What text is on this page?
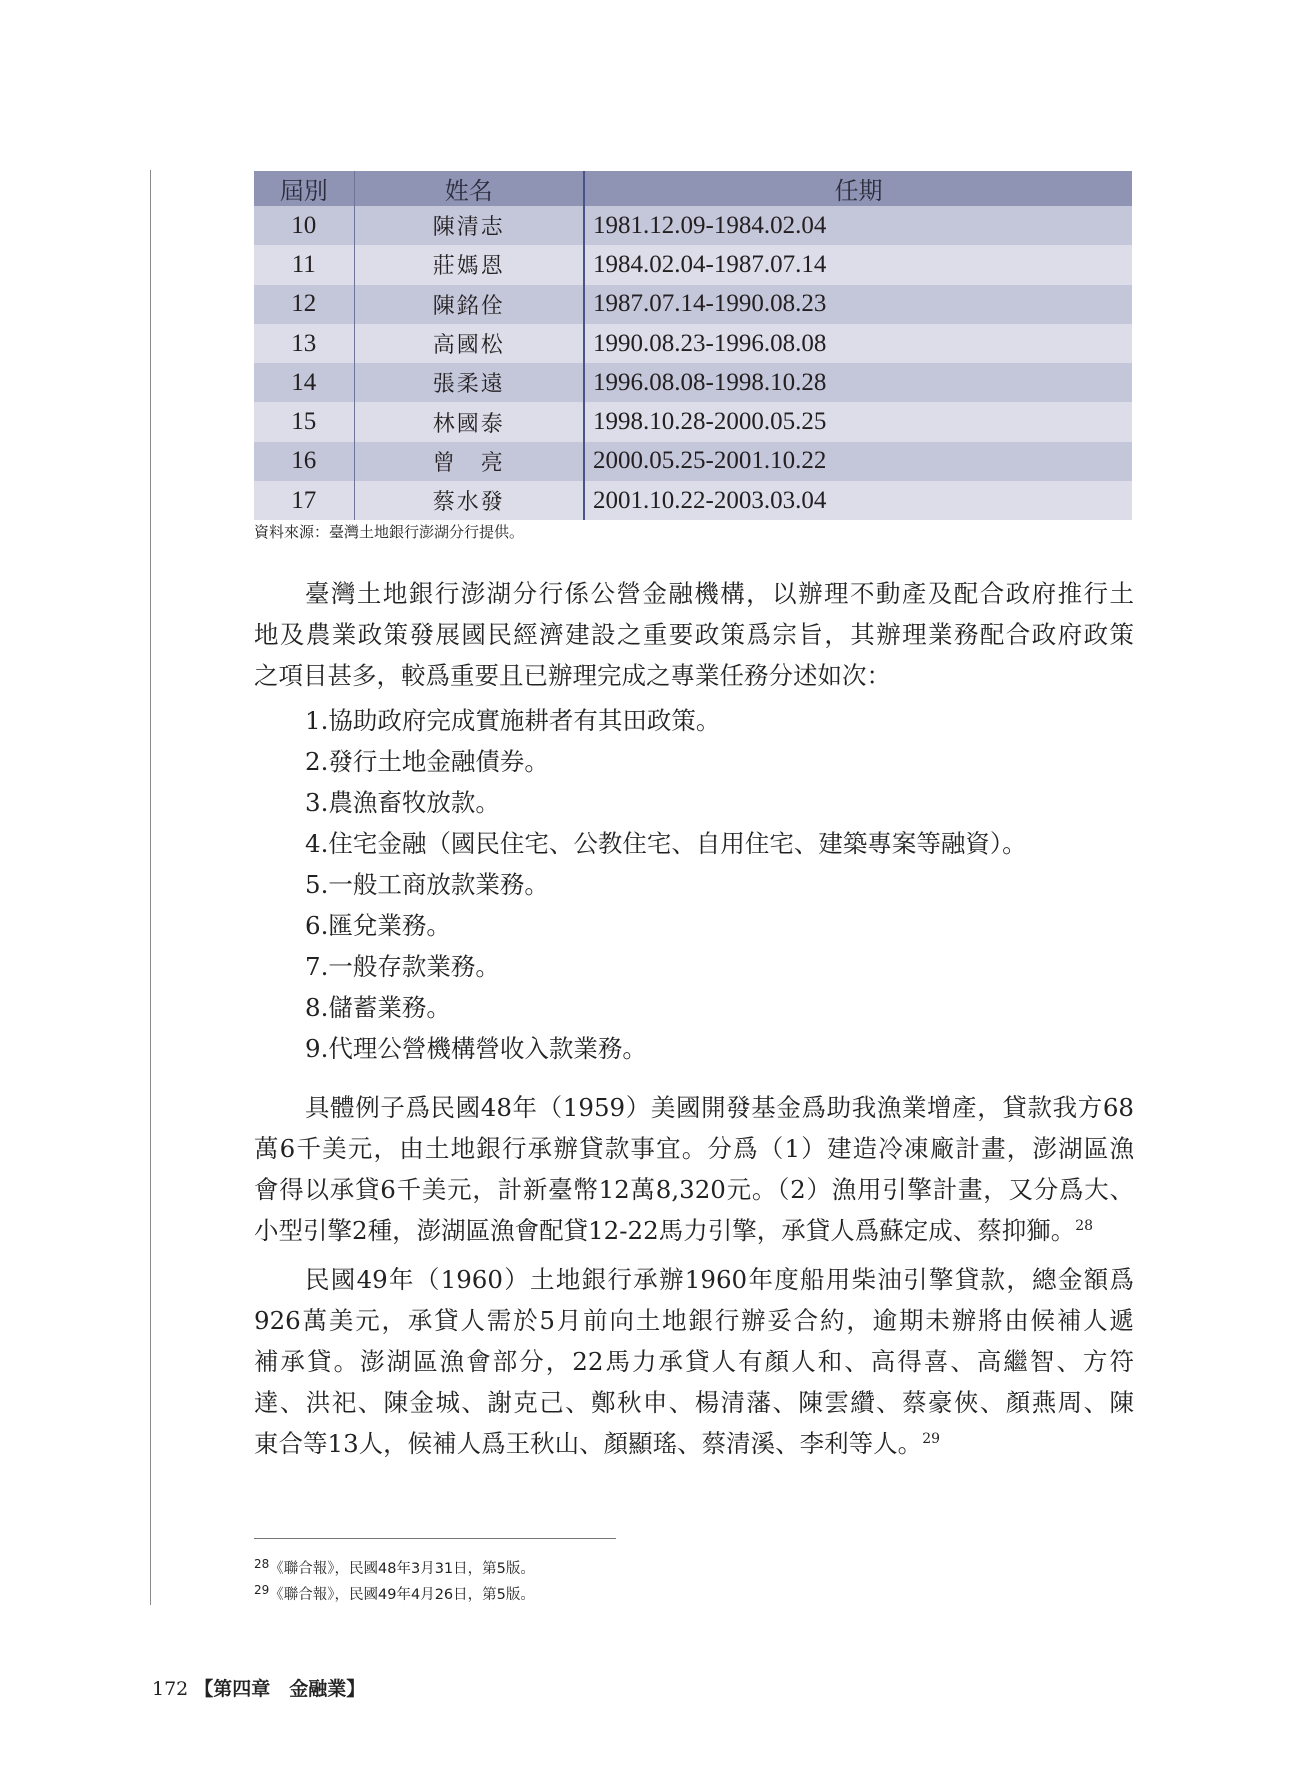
屆別	姓名	任期
10	陳清志	1981.12.09-1984.02.04
11	莊媽恩	1984.02.04-1987.07.14
12	陳銘佺	1987.07.14-1990.08.23
13	高國松	1990.08.23-1996.08.08
14	張柔遠	1996.08.08-1998.10.28
15	林國泰	1998.10.28-2000.05.25
16	曾　亮	2000.05.25-2001.10.22
17	蔡水發	2001.10.22-2003.03.04
資料來源：臺灣土地銀行澎湖分行提供。
臺灣土地銀行澎湖分行係公營金融機構，以辦理不動產及配合政府推行土
地及農業政策發展國民經濟建設之重要政策爲宗旨，其辦理業務配合政府政策
之項目甚多，較爲重要且已辦理完成之專業任務分述如次：
1.協助政府完成實施耕者有其田政策。
2.發行土地金融債券。
3.農漁畜牧放款。
4.住宅金融（國民住宅、公教住宅、自用住宅、建築專案等融資）。
5.一般工商放款業務。
6.匯兌業務。
7.一般存款業務。
8.儲蓄業務。
9.代理公營機構營收入款業務。
具體例子爲民國48年（1959）美國開發基金爲助我漁業增產，貸款我方68
萬6千美元，由土地銀行承辦貸款事宜。分爲（1）建造冷凍廠計畫，澎湖區漁
會得以承貸6千美元，計新臺幣12萬8,320元。（2）漁用引擎計畫，又分爲大、
小型引擎2種，澎湖區漁會配貸12-22馬力引擎，承貸人爲蘇定成、蔡抑獅。$^{28}$
民國49年（1960）土地銀行承辦1960年度船用柴油引擎貸款，總金額爲
926萬美元，承貸人需於5月前向土地銀行辦妥合約，逾期未辦將由候補人遞
補承貸。澎湖區漁會部分，22馬力承貸人有顏人和、高得喜、高繼智、方符
達、洪祀、陳金城、謝克己、鄭秋申、楊清藩、陳雲纘、蔡豪俠、顏燕周、陳
東合等13人，候補人爲王秋山、顏顯瑤、蔡清溪、李利等人。$^{29}$
$^{28}$《聯合報》，民國48年3月31日，第5版。
$^{29}$《聯合報》，民國49年4月26日，第5版。
172 【第四章　金融業】
